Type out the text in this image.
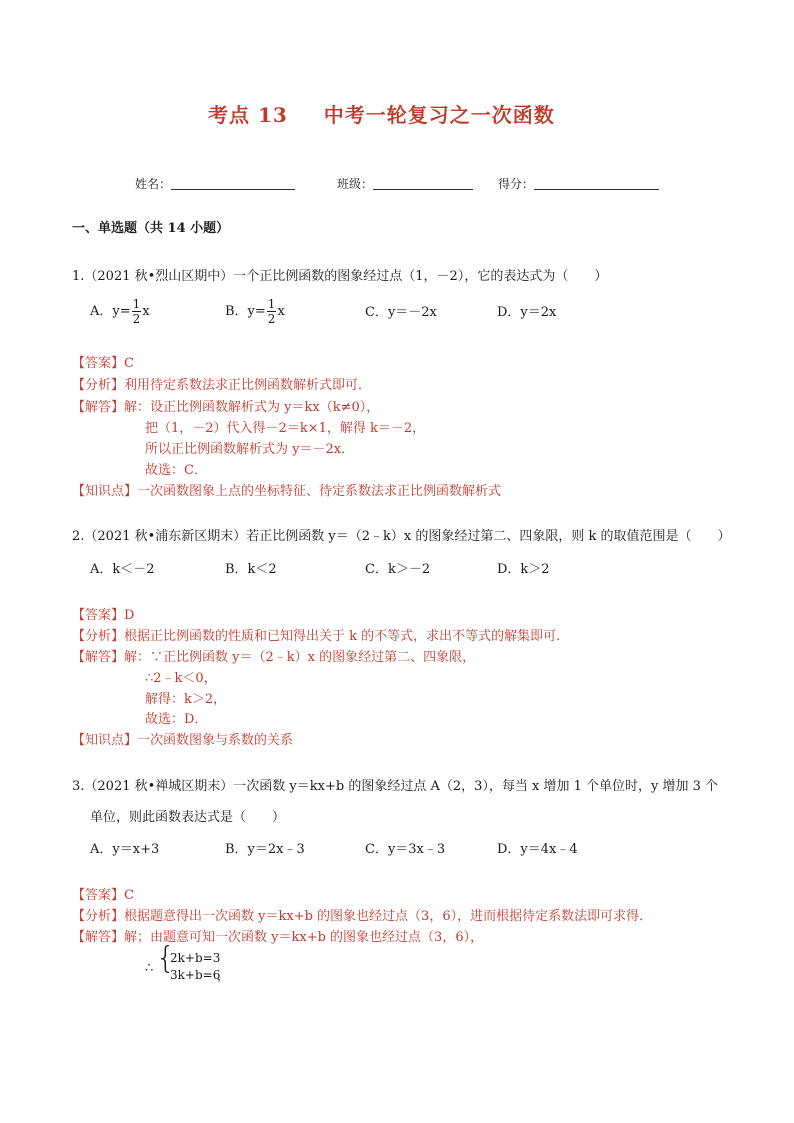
考点 13 中考一轮复习之一次函数
姓名：	班级：	得分：
一、单选题（共 14 小题）
1.（2021 秋•烈山区期中）一个正比例函数的图象经过点（1，－2），它的表达式为（　　）
A．$y= \frac{1}{2}$ x	B．$y= \frac{1}{2}$ x	C．y＝－2x	D．y＝2x
【答案】C
【分析】利用待定系数法求正比例函数解析式即可．
【解答】解：设正比例函数解析式为 y＝kx（k≠0），
把（1，－2）代入得－2＝k×1，解得 k＝－2，
所以正比例函数解析式为 y＝－2x．
故选：C．
【知识点】一次函数图象上点的坐标特征、待定系数法求正比例函数解析式
2.（2021 秋•浦东新区期末）若正比例函数 y＝（2﹣k）x 的图象经过第二、四象限，则 k 的取值范围是（　　）
A．k＜－2	B．k＜2	C．k＞－2	D．k＞2
【答案】D
【分析】根据正比例函数的性质和已知得出关于 k 的不等式，求出不等式的解集即可．
【解答】解：∵正比例函数 y＝（2﹣k）x 的图象经过第二、四象限，
∴2﹣k＜0，
解得：k＞2，
故选：D．
【知识点】一次函数图象与系数的关系
3.（2021 秋•禅城区期末）一次函数 y＝kx+b 的图象经过点 A（2，3），每当 x 增加 1 个单位时，y 增加 3 个
单位，则此函数表达式是（　　）
A．y＝x+3	B．y＝2x﹣3	C．y＝3x﹣3	D．y＝4x﹣4
【答案】C
【分析】根据题意得出一次函数 y＝kx+b 的图象也经过点（3，6），进而根据待定系数法即可求得．
【解答】解；由题意可知一次函数 y＝kx+b 的图象也经过点（3，6），
∴ {
2k+b=3
3k+b=6
，
